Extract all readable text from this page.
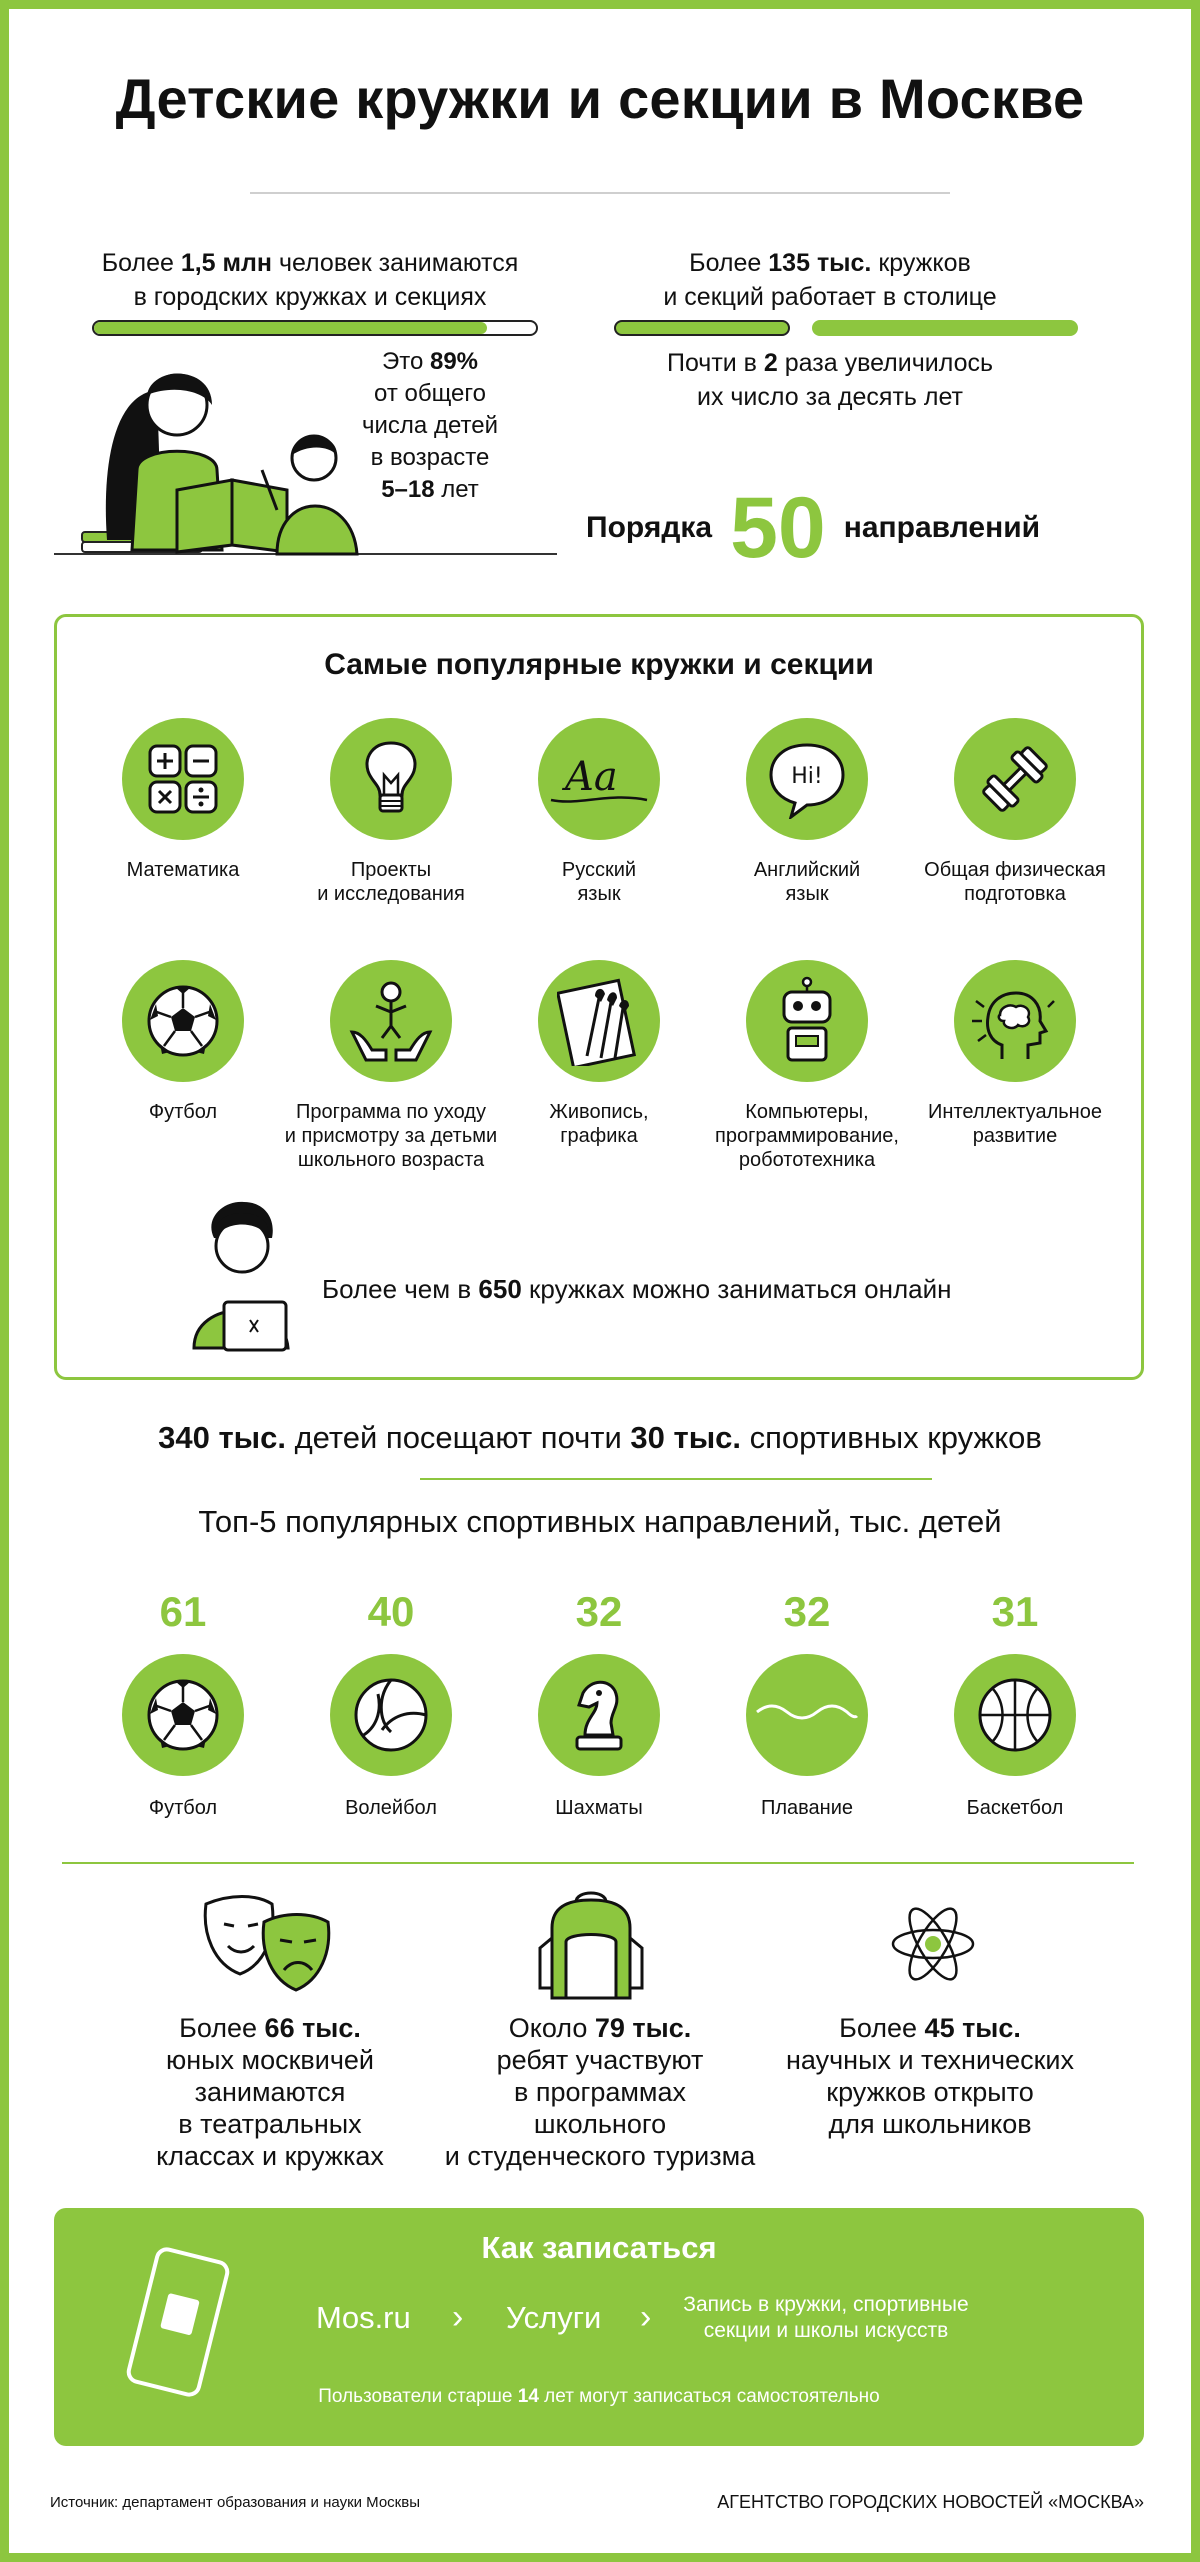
Детские кружки и секции в Москве
Более 1,5 млн человек занимаются
в городских кружках и секциях
Это 89%
от общего
числа детей
в возрасте
5–18 лет
Более 135 тыс. кружков
и секций работает в столице
Почти в 2 раза увеличилось
их число за десять лет
Порядка 50 направлений
Самые популярные кружки и секции
Aa	Hi!
Математика	Проекты
и исследования
Русский
язык
Английский
язык
Общая физическая
подготовка
Футбол	Программа по уходу
и присмотру за детьми
школьного возраста
Живопись,
графика
Компьютеры,
программирование,
робототехника
Интеллектуальное
развитие
Более чем в 650 кружках можно заниматься онлайн
340 тыс. детей посещают почти 30 тыс. спортивных кружков
Топ-5 популярных спортивных направлений, тыс. детей
61	40	32	32	31
Футбол	Волейбол	Шахматы	Плавание	Баскетбол
Более 66 тыс.
юных москвичей
занимаются
в театральных
классах и кружках
Около 79 тыс.
ребят участвуют
в программах
школьного
и студенческого туризма
Более 45 тыс.
научных и технических
кружков открыто
для школьников
Как записаться
Mos.ru › Услуги ›	Запись в кружки, спортивные
секции и школы искусств
Пользователи старше 14 лет могут записаться самостоятельно
Источник: департамент образования и науки Москвы	АГЕНТСТВО ГОРОДСКИХ НОВОСТЕЙ «МОСКВА»
